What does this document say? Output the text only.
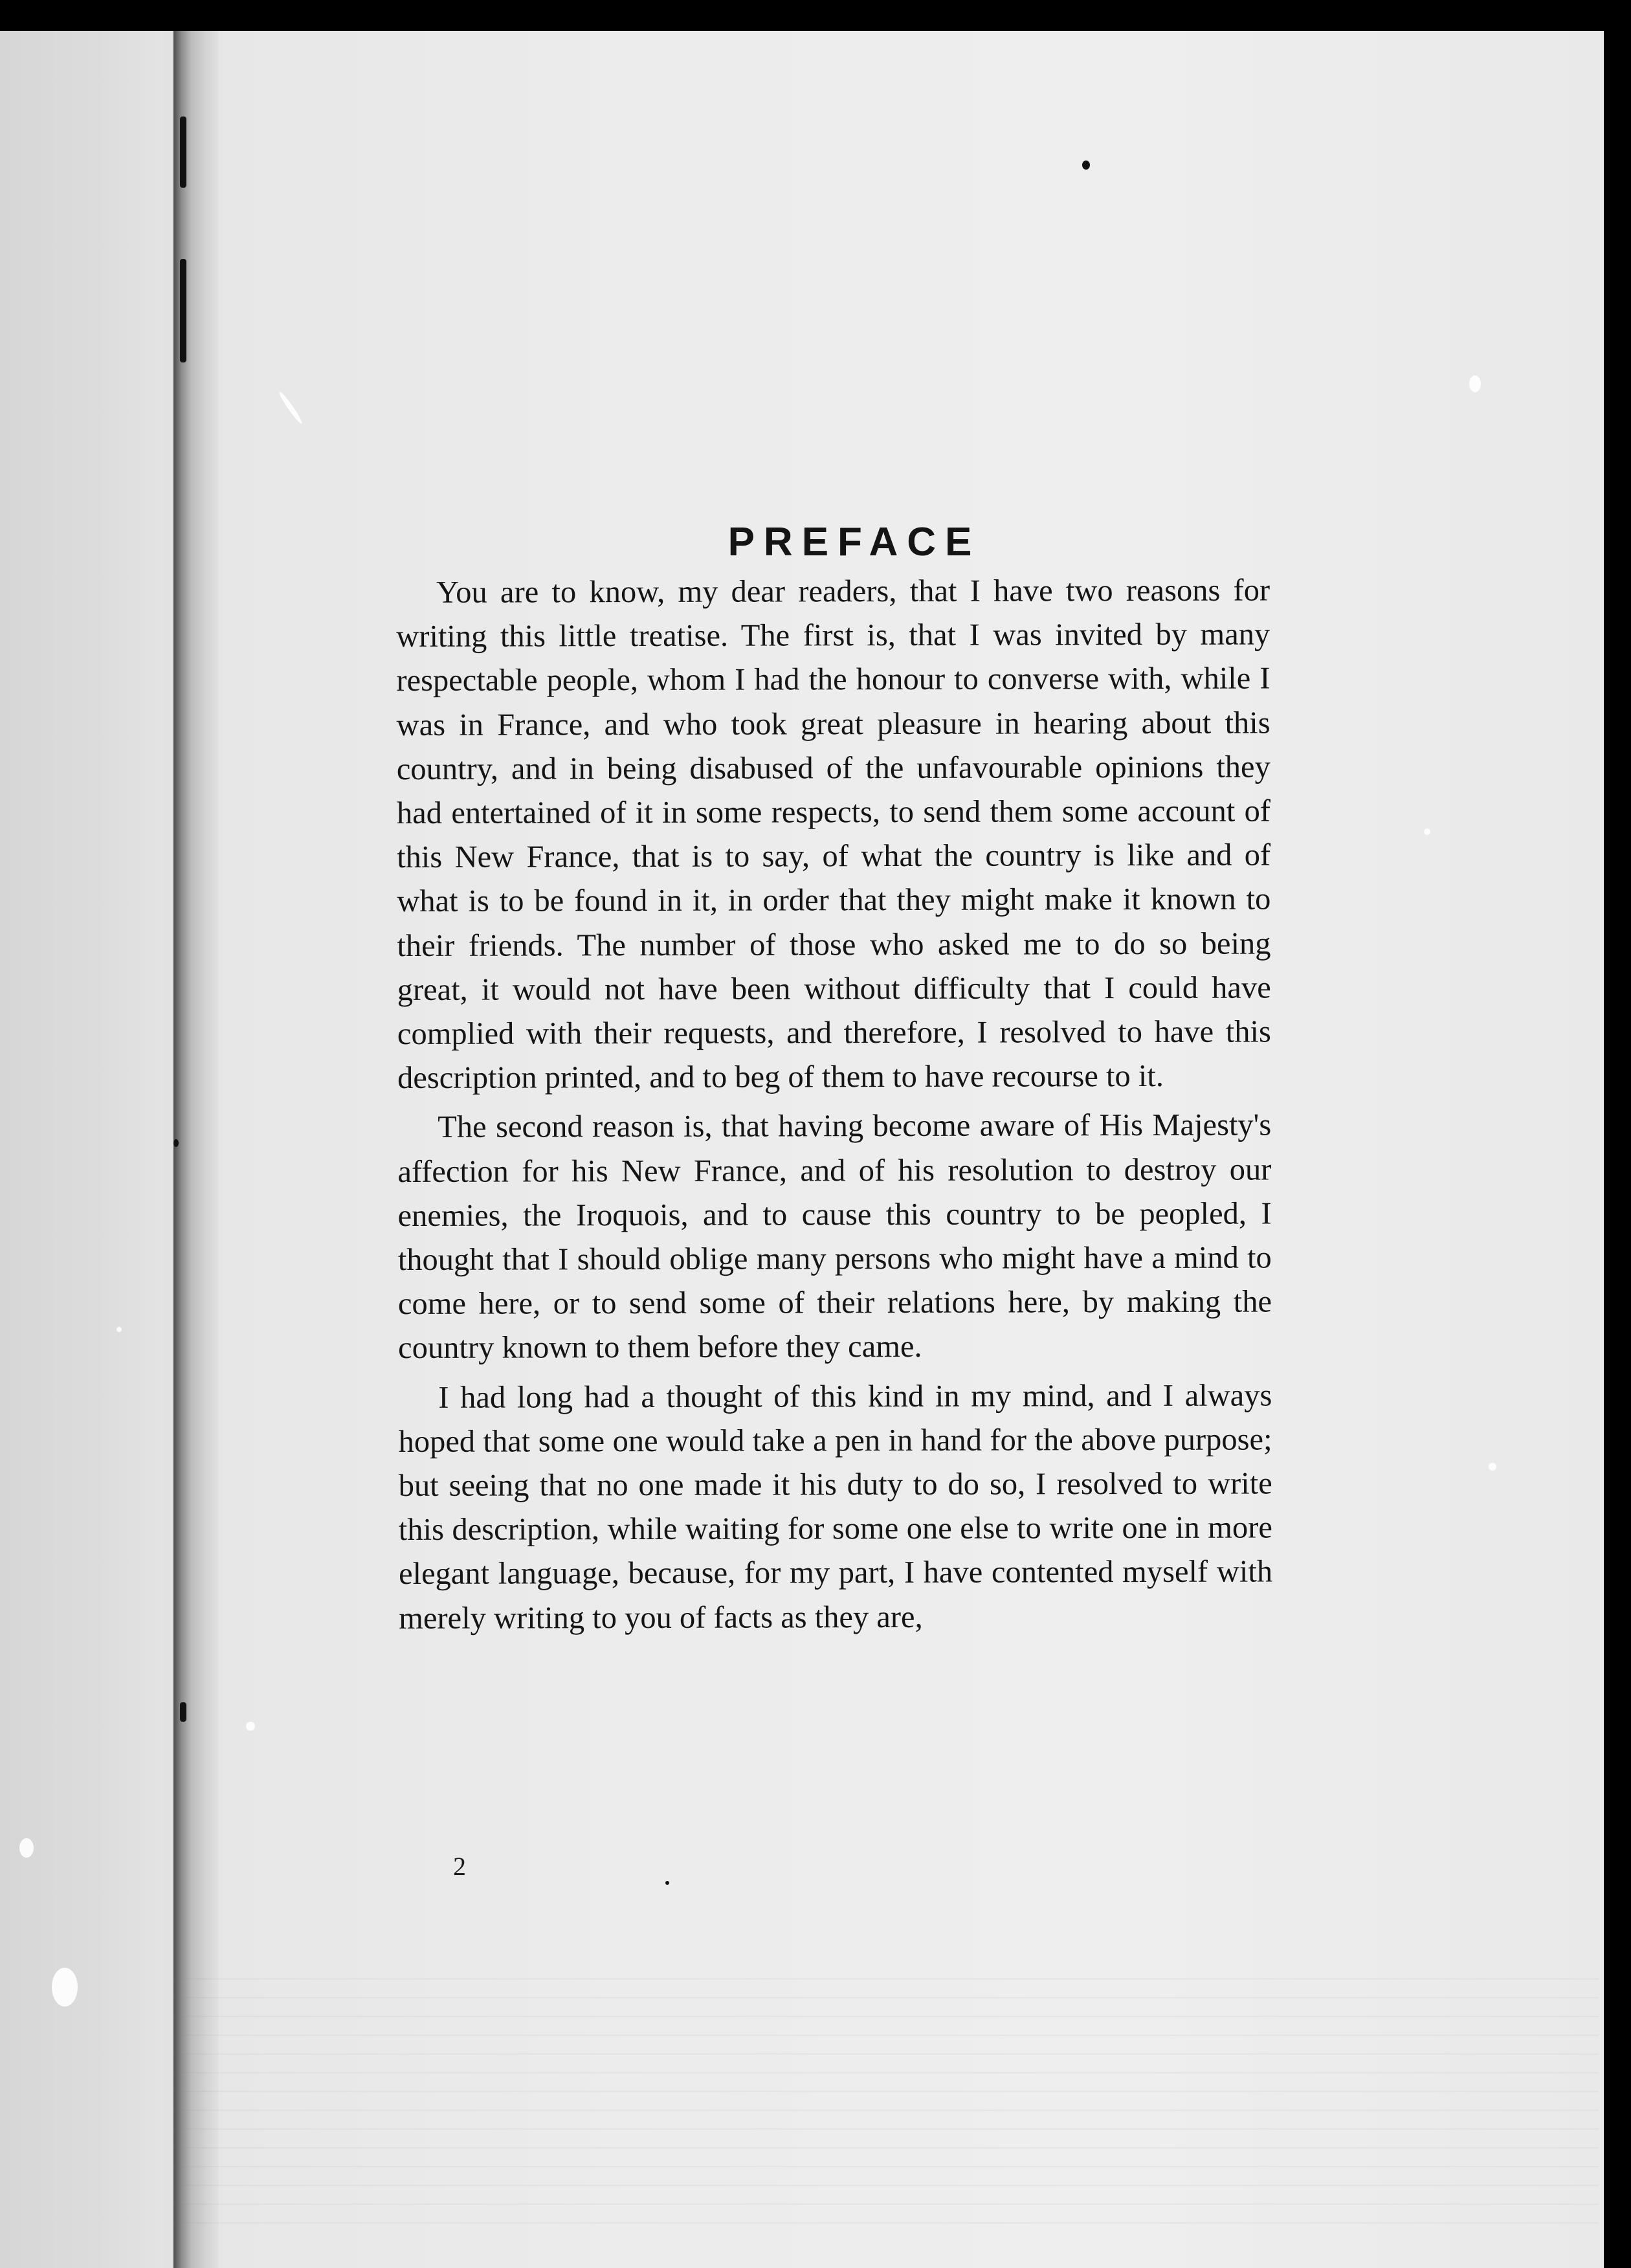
PREFACE

You are to know, my dear readers, that I have two reasons for writing this little treatise. The first is, that I was invited by many respectable people, whom I had the honour to converse with, while I was in France, and who took great pleasure in hearing about this country, and in being disabused of the unfavourable opinions they had entertained of it in some respects, to send them some account of this New France, that is to say, of what the country is like and of what is to be found in it, in order that they might make it known to their friends. The number of those who asked me to do so being great, it would not have been without difficulty that I could have complied with their requests, and therefore, I resolved to have this description printed, and to beg of them to have recourse to it.

The second reason is, that having become aware of His Majesty's affection for his New France, and of his resolution to destroy our enemies, the Iroquois, and to cause this country to be peopled, I thought that I should oblige many persons who might have a mind to come here, or to send some of their relations here, by making the country known to them before they came.

I had long had a thought of this kind in my mind, and I always hoped that some one would take a pen in hand for the above purpose; but seeing that no one made it his duty to do so, I resolved to write this description, while waiting for some one else to write one in more elegant language, because, for my part, I have contented myself with merely writing to you of facts as they are,

2
